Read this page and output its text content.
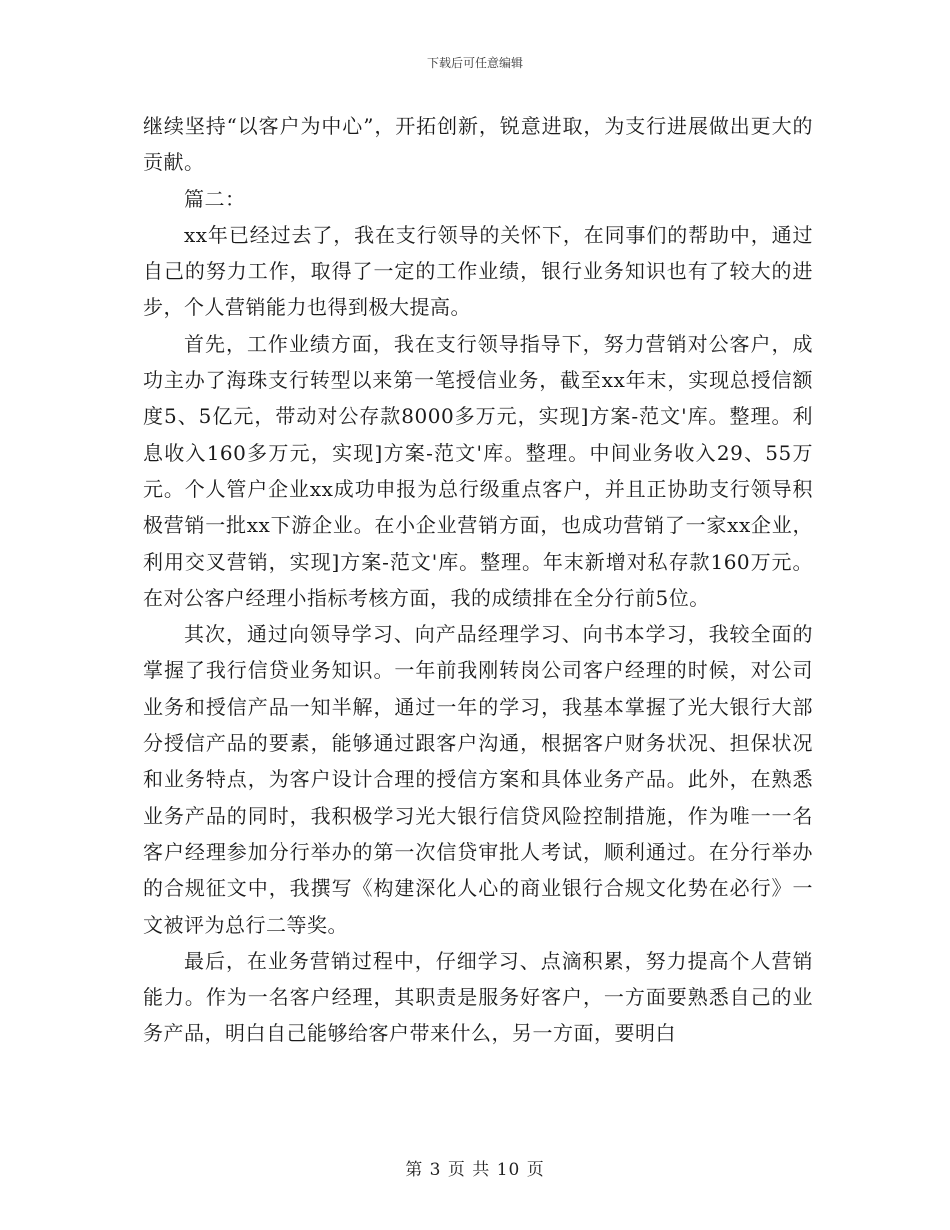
下载后可任意编辑

继续坚持“以客户为中心”，开拓创新，锐意进取，为支行进展做出更大的贡献。

篇二：

xx年已经过去了，我在支行领导的关怀下，在同事们的帮助中，通过自己的努力工作，取得了一定的工作业绩，银行业务知识也有了较大的进步，个人营销能力也得到极大提高。

首先，工作业绩方面，我在支行领导指导下，努力营销对公客户，成功主办了海珠支行转型以来第一笔授信业务，截至xx年末，实现总授信额度5、5亿元，带动对公存款8000多万元，实现]方案-范文'库。整理。利息收入160多万元，实现]方案-范文'库。整理。中间业务收入29、55万元。个人管户企业xx成功申报为总行级重点客户，并且正协助支行领导积极营销一批xx下游企业。在小企业营销方面，也成功营销了一家xx企业，利用交叉营销，实现]方案-范文'库。整理。年末新增对私存款160万元。在对公客户经理小指标考核方面，我的成绩排在全分行前5位。

其次，通过向领导学习、向产品经理学习、向书本学习，我较全面的掌握了我行信贷业务知识。一年前我刚转岗公司客户经理的时候，对公司业务和授信产品一知半解，通过一年的学习，我基本掌握了光大银行大部分授信产品的要素，能够通过跟客户沟通，根据客户财务状况、担保状况和业务特点，为客户设计合理的授信方案和具体业务产品。此外，在熟悉业务产品的同时，我积极学习光大银行信贷风险控制措施，作为唯一一名客户经理参加分行举办的第一次信贷审批人考试，顺利通过。在分行举办的合规征文中，我撰写《构建深化人心的商业银行合规文化势在必行》一文被评为总行二等奖。

最后，在业务营销过程中，仔细学习、点滴积累，努力提高个人营销能力。作为一名客户经理，其职责是服务好客户，一方面要熟悉自己的业务产品，明白自己能够给客户带来什么，另一方面，要明白

第 3 页 共 10 页
